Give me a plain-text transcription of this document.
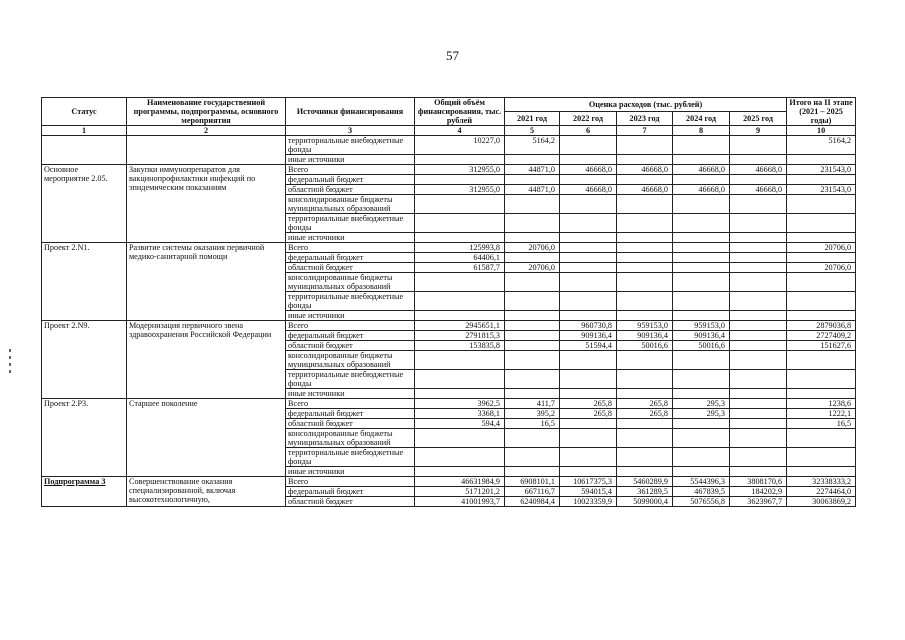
57
Статус	Наименование государственной программы, подпрограммы, основного мероприятия	Источники финансирования	Общий объём финансирования, тыс. рублей	Оценка расходов (тыс. рублей)					Итого на II этапе (2021 – 2025 годы)
				2021 год	2022 год	2023 год	2024 год	2025 год	
1	2	3	4	5	6	7	8	9	10
		территориальные внебюджетные фонды	10227,0	5164,2					5164,2
		иные источники							
Основное мероприятие 2.05.	Закупки иммунопрепаратов для вакцинопрофилактики инфекций по эпидемическим показаниям	Всего	312955,0	44871,0	46668,0	46668,0	46668,0	46668,0	231543,0
		федеральный бюджет							
		областной бюджет	312955,0	44871,0	46668,0	46668,0	46668,0	46668,0	231543,0
		консолидированные бюджеты муниципальных образований							
		территориальные внебюджетные фонды							
		иные источники							
Проект 2.N1.	Развитие системы оказания первичной медико-санитарной помощи	Всего	125993,8	20706,0					20706,0
		федеральный бюджет	64406,1						
		областной бюджет	61587,7	20706,0					20706,0
		консолидированные бюджеты муниципальных образований							
		территориальные внебюджетные фонды							
		иные источники							
Проект 2.N9.	Модернизация первичного звена здравоохранения Российской Федерации	Всего	2945651,1		960730,8	959153,0	959153,0		2879036,8
		федеральный бюджет	2791815,3		909136,4	909136,4	909136,4		2727409,2
		областной бюджет	153835,8		51594,4	50016,6	50016,6		151627,6
		консолидированные бюджеты муниципальных образований							
		территориальные внебюджетные фонды							
		иные источники							
Проект 2.P3.	Старшее поколение	Всего	3962,5	411,7	265,8	265,8	295,3		1238,6
		федеральный бюджет	3368,1	395,2	265,8	265,8	295,3		1222,1
		областной бюджет	594,4	16,5					16,5
		консолидированные бюджеты муниципальных образований							
		территориальные внебюджетные фонды							
		иные источники							
Подпрограмма 3	Совершенствование оказания специализированной, включая высокотехнологичную,	Всего	46631984,9	6908101,1	10617375,3	5460289,9	5544396,3	3808170,6	32338333,2
		федеральный бюджет	5171201,2	667116,7	594015,4	361289,5	467839,5	184202,9	2274464,0
		областной бюджет	41001993,7	6240984,4	10023359,9	5099000,4	5076556,8	3623967,7	30063869,2
